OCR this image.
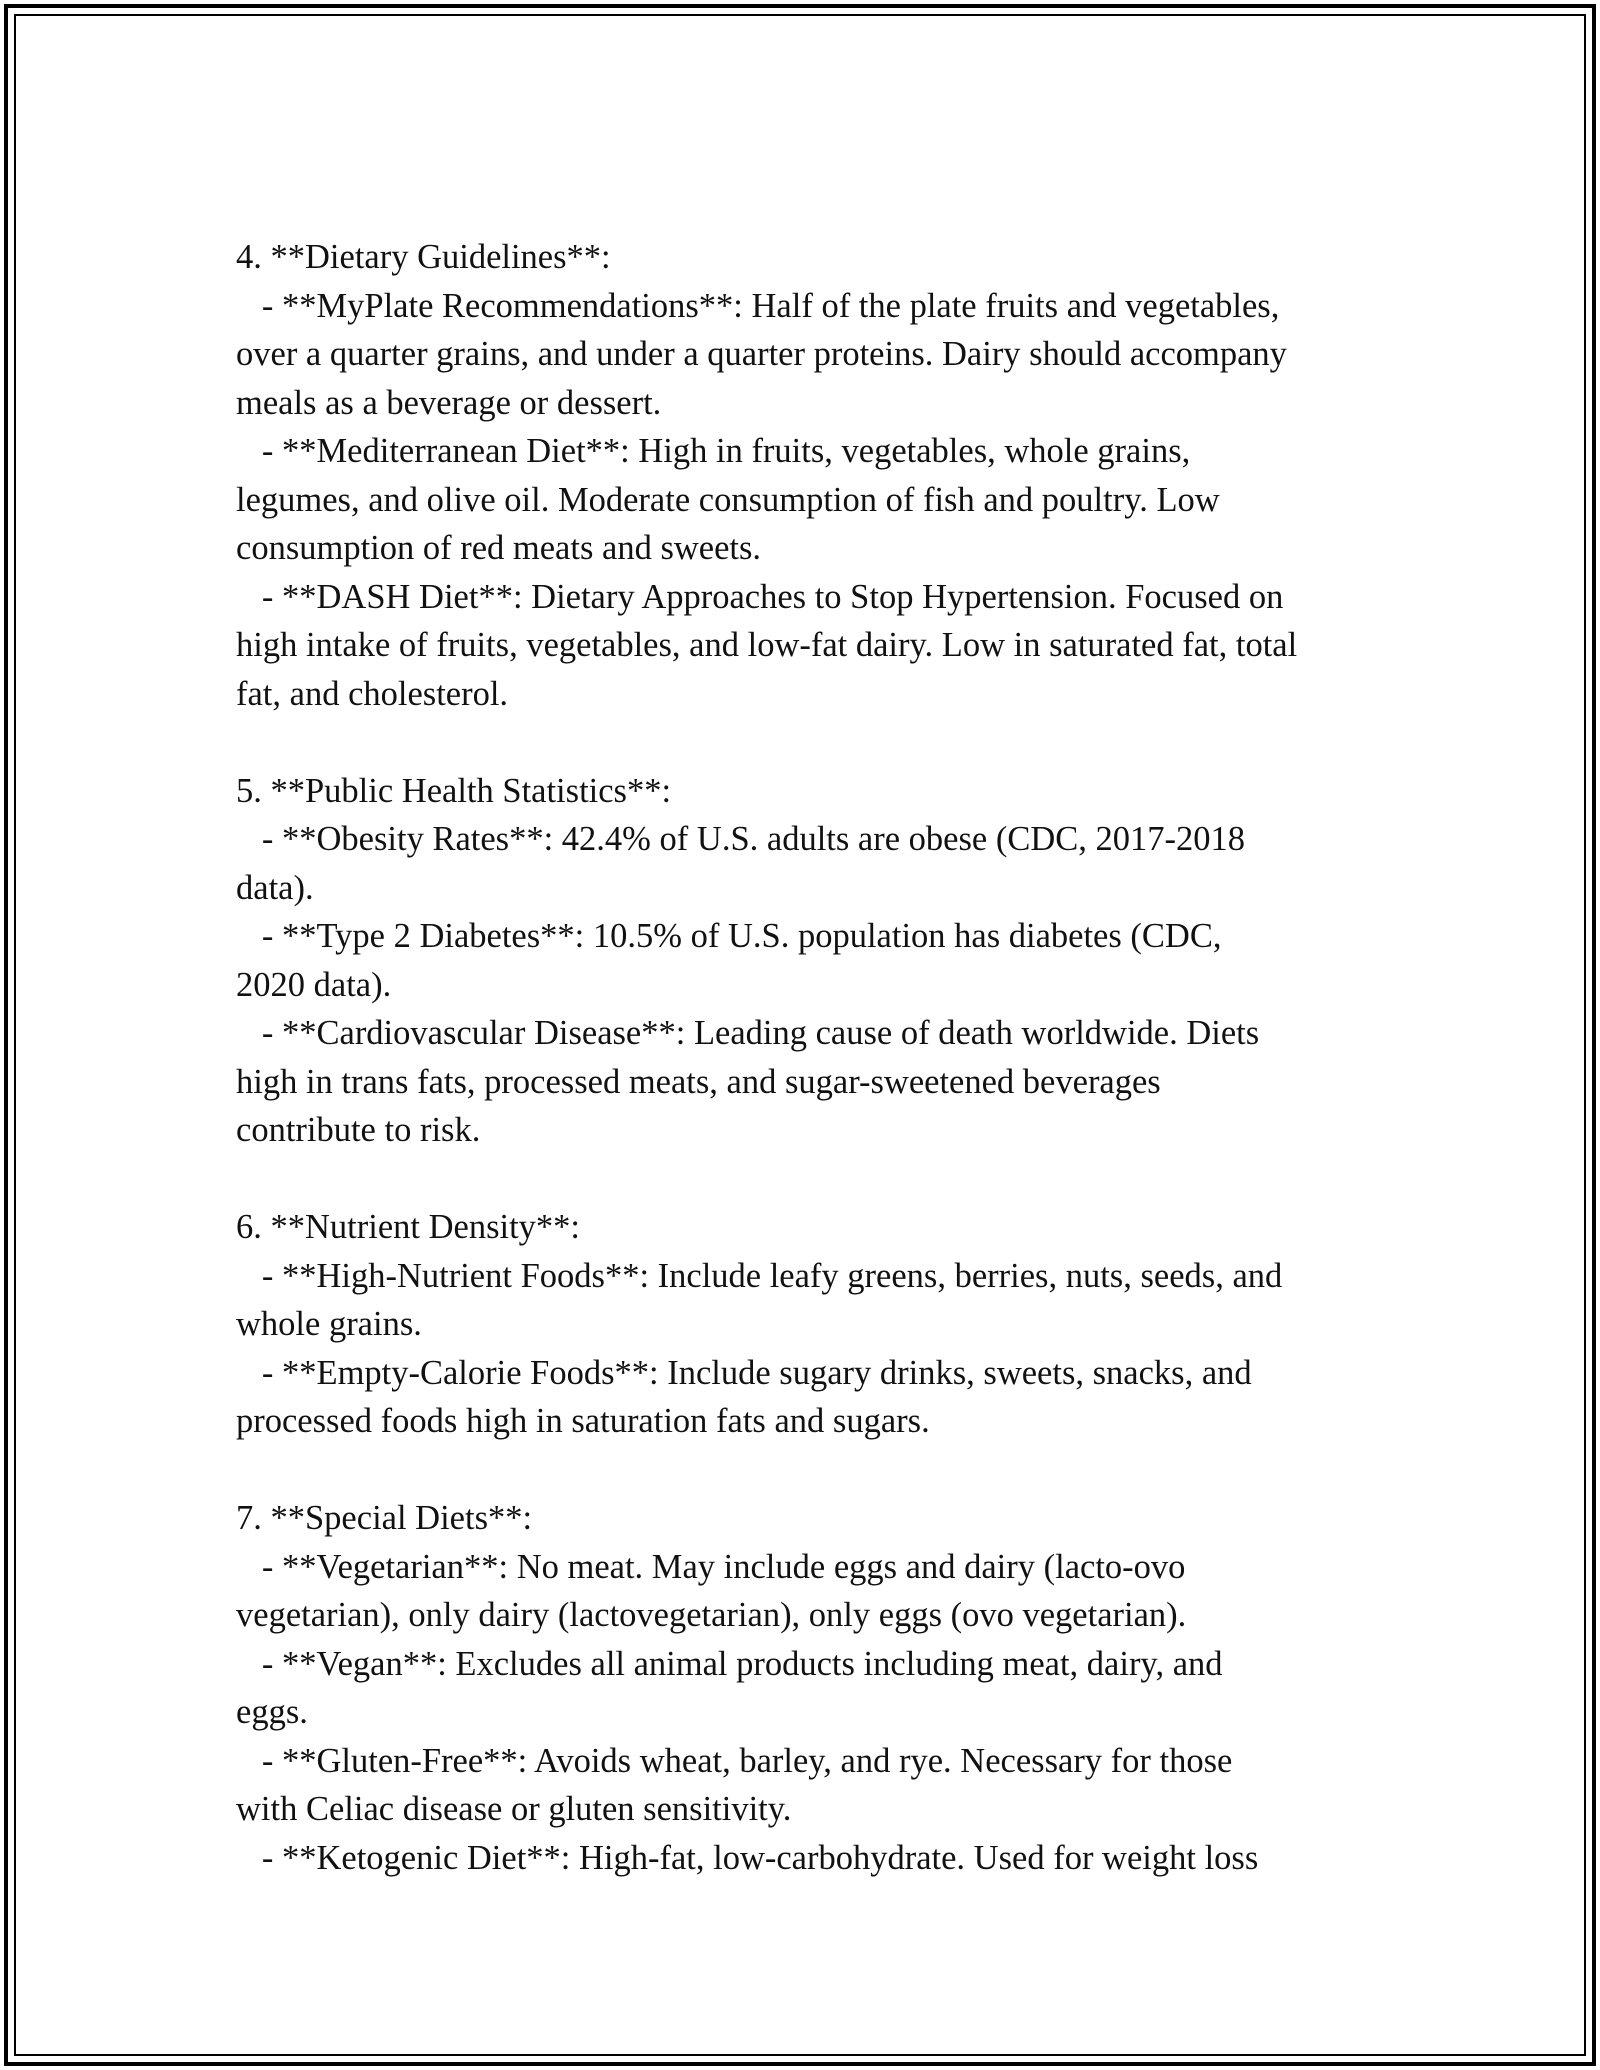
4. **Dietary Guidelines**:
- **MyPlate Recommendations**: Half of the plate fruits and vegetables,
over a quarter grains, and under a quarter proteins. Dairy should accompany
meals as a beverage or dessert.
- **Mediterranean Diet**: High in fruits, vegetables, whole grains,
legumes, and olive oil. Moderate consumption of fish and poultry. Low
consumption of red meats and sweets.
- **DASH Diet**: Dietary Approaches to Stop Hypertension. Focused on
high intake of fruits, vegetables, and low-fat dairy. Low in saturated fat, total
fat, and cholesterol.
5. **Public Health Statistics**:
- **Obesity Rates**: 42.4% of U.S. adults are obese (CDC, 2017-2018
data).
- **Type 2 Diabetes**: 10.5% of U.S. population has diabetes (CDC,
2020 data).
- **Cardiovascular Disease**: Leading cause of death worldwide. Diets
high in trans fats, processed meats, and sugar-sweetened beverages
contribute to risk.
6. **Nutrient Density**:
- **High-Nutrient Foods**: Include leafy greens, berries, nuts, seeds, and
whole grains.
- **Empty-Calorie Foods**: Include sugary drinks, sweets, snacks, and
processed foods high in saturation fats and sugars.
7. **Special Diets**:
- **Vegetarian**: No meat. May include eggs and dairy (lacto-ovo
vegetarian), only dairy (lactovegetarian), only eggs (ovo vegetarian).
- **Vegan**: Excludes all animal products including meat, dairy, and
eggs.
- **Gluten-Free**: Avoids wheat, barley, and rye. Necessary for those
with Celiac disease or gluten sensitivity.
- **Ketogenic Diet**: High-fat, low-carbohydrate. Used for weight loss
